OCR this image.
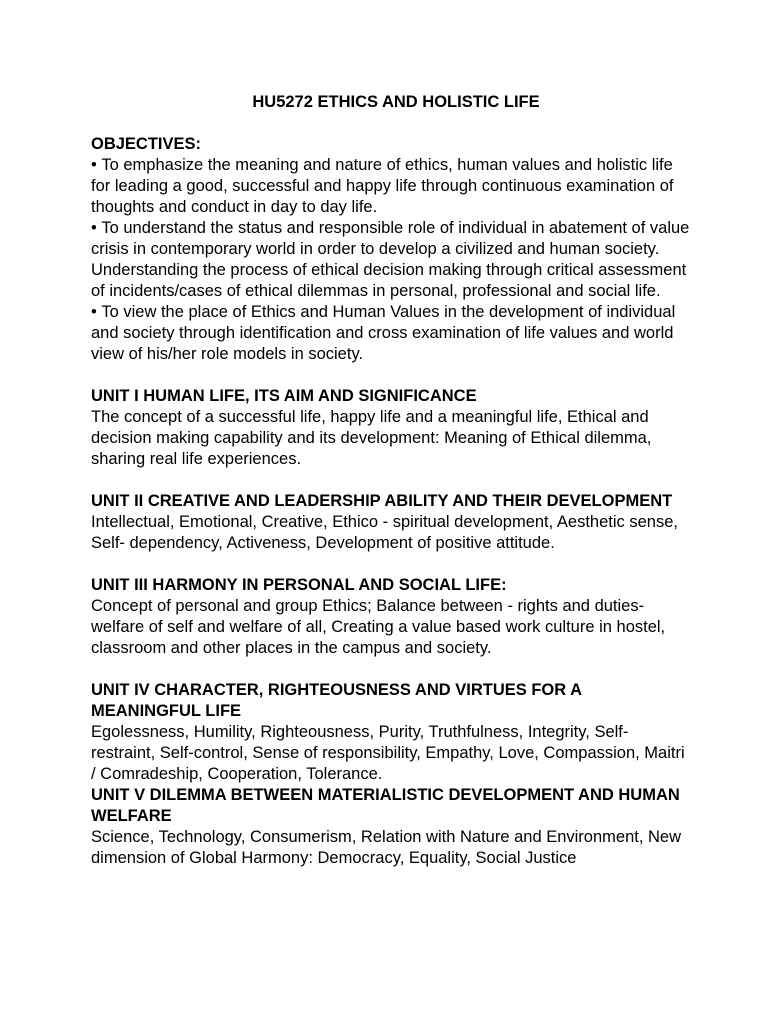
HU5272 ETHICS AND HOLISTIC LIFE

OBJECTIVES:

• To emphasize the meaning and nature of ethics, human values and holistic life for leading a good, successful and happy life through continuous examination of thoughts and conduct in day to day life.

• To understand the status and responsible role of individual in abatement of value crisis in contemporary world in order to develop a civilized and human society. Understanding the process of ethical decision making through critical assessment of incidents/cases of ethical dilemmas in personal, professional and social life.

• To view the place of Ethics and Human Values in the development of individual and society through identification and cross examination of life values and world view of his/her role models in society.

UNIT I HUMAN LIFE, ITS AIM AND SIGNIFICANCE

The concept of a successful life, happy life and a meaningful life, Ethical and decision making capability and its development: Meaning of Ethical dilemma, sharing real life experiences.

UNIT II CREATIVE AND LEADERSHIP ABILITY AND THEIR DEVELOPMENT

Intellectual, Emotional, Creative, Ethico - spiritual development, Aesthetic sense, Self- dependency, Activeness, Development of positive attitude.

UNIT III HARMONY IN PERSONAL AND SOCIAL LIFE:

Concept of personal and group Ethics; Balance between - rights and duties-welfare of self and welfare of all, Creating a value based work culture in hostel, classroom and other places in the campus and society.

UNIT IV CHARACTER, RIGHTEOUSNESS AND VIRTUES FOR A MEANINGFUL LIFE

Egolessness, Humility, Righteousness, Purity, Truthfulness, Integrity, Self-restraint, Self-control, Sense of responsibility, Empathy, Love, Compassion, Maitri / Comradeship, Cooperation, Tolerance.

UNIT V DILEMMA BETWEEN MATERIALISTIC DEVELOPMENT AND HUMAN WELFARE

Science, Technology, Consumerism, Relation with Nature and Environment, New dimension of Global Harmony: Democracy, Equality, Social Justice
